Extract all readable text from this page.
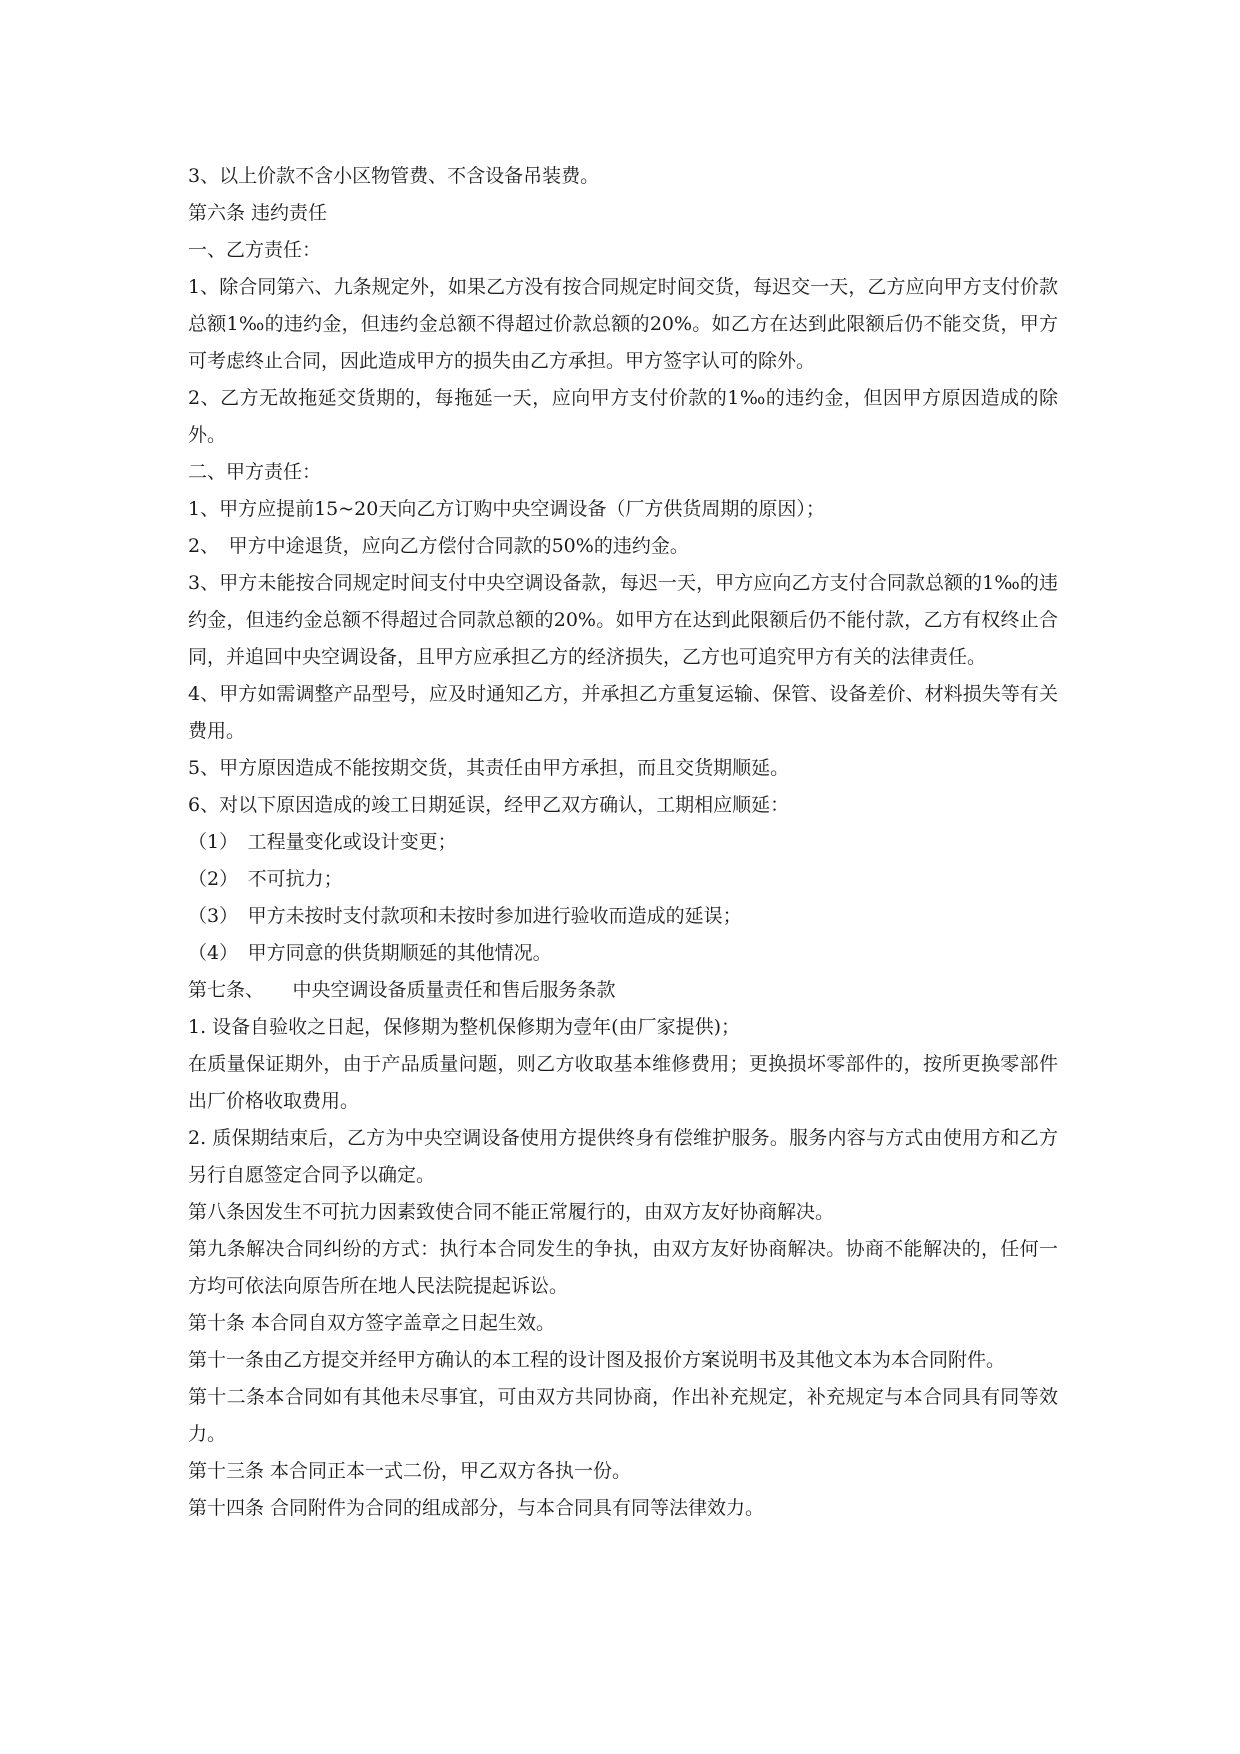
3、以上价款不含小区物管费、不含设备吊装费。

第六条 违约责任

一、乙方责任：

1、除合同第六、九条规定外，如果乙方没有按合同规定时间交货，每迟交一天，乙方应向甲方支付价款总额1‰的违约金，但违约金总额不得超过价款总额的20%。如乙方在达到此限额后仍不能交货，甲方可考虑终止合同，因此造成甲方的损失由乙方承担。甲方签字认可的除外。

2、乙方无故拖延交货期的，每拖延一天，应向甲方支付价款的1‰的违约金，但因甲方原因造成的除外。

二、甲方责任：

1、甲方应提前15~20天向乙方订购中央空调设备（厂方供货周期的原因）；

2、　甲方中途退货，应向乙方偿付合同款的50%的违约金。

3、甲方未能按合同规定时间支付中央空调设备款，每迟一天，甲方应向乙方支付合同款总额的1‰的违约金，但违约金总额不得超过合同款总额的20%。如甲方在达到此限额后仍不能付款，乙方有权终止合同，并追回中央空调设备，且甲方应承担乙方的经济损失，乙方也可追究甲方有关的法律责任。

4、甲方如需调整产品型号，应及时通知乙方，并承担乙方重复运输、保管、设备差价、材料损失等有关费用。

5、甲方原因造成不能按期交货，其责任由甲方承担，而且交货期顺延。

6、对以下原因造成的竣工日期延误，经甲乙双方确认，工期相应顺延：

（1）　工程量变化或设计变更；

（2）　不可抗力；

（3）　甲方未按时支付款项和未按时参加进行验收而造成的延误；

（4）　甲方同意的供货期顺延的其他情况。

第七条、　　中央空调设备质量责任和售后服务条款

1. 设备自验收之日起，保修期为整机保修期为壹年(由厂家提供)；

在质量保证期外，由于产品质量问题，则乙方收取基本维修费用；更换损坏零部件的，按所更换零部件出厂价格收取费用。

2. 质保期结束后，乙方为中央空调设备使用方提供终身有偿维护服务。服务内容与方式由使用方和乙方另行自愿签定合同予以确定。

第八条因发生不可抗力因素致使合同不能正常履行的，由双方友好协商解决。

第九条解决合同纠纷的方式：执行本合同发生的争执，由双方友好协商解决。协商不能解决的，任何一方均可依法向原告所在地人民法院提起诉讼。

第十条 本合同自双方签字盖章之日起生效。

第十一条由乙方提交并经甲方确认的本工程的设计图及报价方案说明书及其他文本为本合同附件。

第十二条本合同如有其他未尽事宜，可由双方共同协商，作出补充规定，补充规定与本合同具有同等效力。

第十三条 本合同正本一式二份，甲乙双方各执一份。

第十四条 合同附件为合同的组成部分，与本合同具有同等法律效力。
